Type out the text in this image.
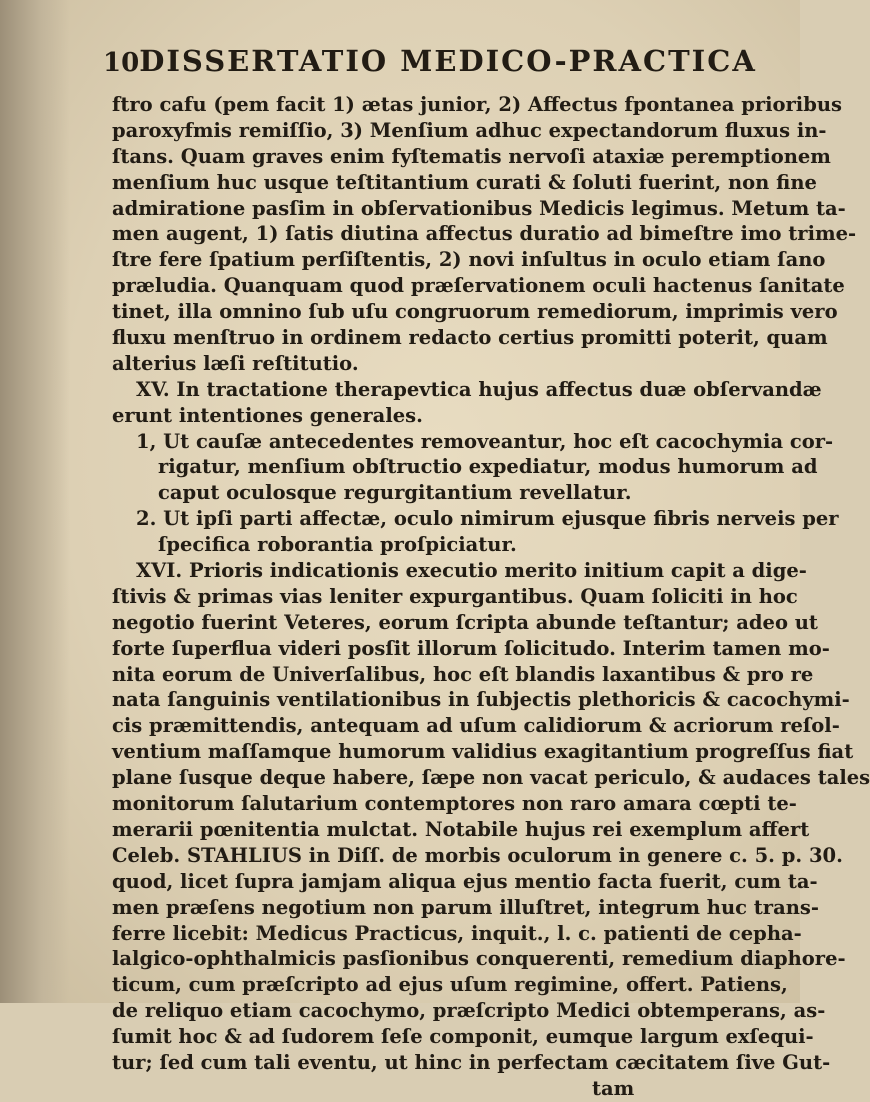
10 DISSERTATIO MEDICO-PRACTICA
ftro cafu (pem facit 1) ætas junior, 2) Affectus fpontanea prioribus
paroxyfmis remiſſio, 3) Menſium adhuc expectandorum fluxus in-
ſtans. Quam graves enim fyſtematis nervoſi ataxiæ peremptionem
menſium huc usque teſtitantium curati & ſoluti fuerint, non fine
admiratione pasſim in obſervationibus Medicis legimus. Metum ta-
men augent, 1) ſatis diutina affectus duratio ad bimeſtre imo trime-
ſtre fere ſpatium perſiſtentis, 2) novi inſultus in oculo etiam ſano
præludia. Quanquam quod præſervationem oculi hactenus ſanitate
tinet, illa omnino ſub uſu congruorum remediorum, imprimis vero
fluxu menſtruo in ordinem redacto certius promitti poterit, quam
alterius læſi reſtitutio.
XV. In tractatione therapevtica hujus affectus duæ obſervandæ
erunt intentiones generales.
1, Ut cauſæ antecedentes removeantur, hoc eſt cacochymia cor-
rigatur, menſium obſtructio expediatur, modus humorum ad
caput oculosque regurgitantium revellatur.
2. Ut ipſi parti affectæ, oculo nimirum ejusque fibris nerveis per
ſpecifica roborantia proſpiciatur.
XVI. Prioris indicationis executio merito initium capit a dige-
ſtivis & primas vias leniter expurgantibus. Quam ſoliciti in hoc
negotio fuerint Veteres, eorum ſcripta abunde teſtantur; adeo ut
forte ſuperflua videri posſit illorum ſolicitudo. Interim tamen mo-
nita eorum de Univerſalibus, hoc eſt blandis laxantibus & pro re
nata ſanguinis ventilationibus in ſubjectis plethoricis & cacochymi-
cis præmittendis, antequam ad uſum calidiorum & acriorum reſol-
ventium maſſamque humorum validius exagitantium progreſſus fiat
plane ſusque deque habere, ſæpe non vacat periculo, & audaces tales
monitorum ſalutarium contemptores non raro amara cœpti te-
merarii pœnitentia mulctat. Notabile hujus rei exemplum affert
Celeb. STAHLIUS in Diſſ. de morbis oculorum in genere c. 5. p. 30.
quod, licet ſupra jamjam aliqua ejus mentio facta fuerit, cum ta-
men præſens negotium non parum illuſtret, integrum huc trans-
ferre licebit: Medicus Practicus, inquit., l. c. patienti de cepha-
lalgico-ophthalmicis pasſionibus conquerenti, remedium diaphore-
ticum, cum præſcripto ad ejus uſum regimine, offert. Patiens,
de reliquo etiam cacochymo, præſcripto Medici obtemperans, as-
ſumit hoc & ad ſudorem ſeſe componit, eumque largum exſequi-
tur; ſed cum tali eventu, ut hinc in perfectam cæcitatem ſive Gut-
tam
